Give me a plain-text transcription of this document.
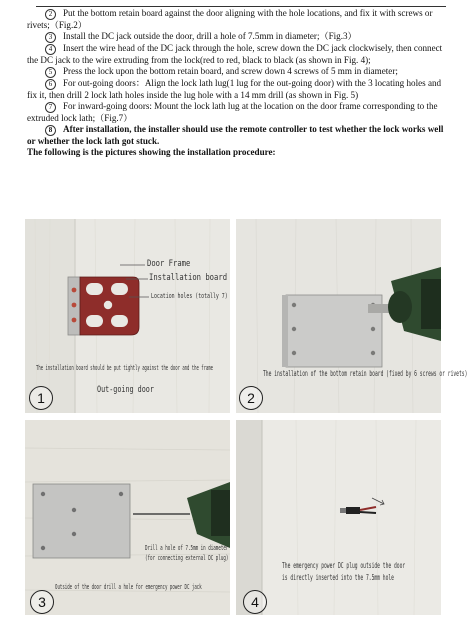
2 Put the bottom retain board against the door aligning with the hole locations, and fix it with screws or rivets;（Fig.2）

3 Install the DC jack outside the door, drill a hole of 7.5mm in diameter;（Fig.3）

4 Insert the wire head of the DC jack through the hole, screw down the DC jack clockwisely, then connect the DC jack to the wire extruding from the lock(red to red, black to black (as shown in Fig. 4);

5 Press the lock upon the bottom retain board, and screw down 4 screws of 5 mm in diameter;

6 For out-going doors：Align the lock lath lug(1 lug for the out-going door) with the 3 locating holes and fix it, then drill 2 lock lath holes inside the lug hole with a 14 mm drill (as shown in Fig. 5)

7 For inward-going doors: Mount the lock lath lug at the location on the door frame corresponding to the extruded lock lath;（Fig.7）

8 After installation, the installer should use the remote controller to test whether the lock works well or whether the lock lath got stuck.

The following is the pictures showing the installation procedure:

Door Frame
Installation board
Location holes (totally 7)
The installation board should be put tightly against the door and the frame
Out-going door
1
The installation of the bottom retain board (fixed by 6 screws or rivets)
2
Drill a hole of 7.5mm in diameter
(for connecting external DC plug)
Outside of the door drill a hole for emergency power DC jack
3
The emergency power DC plug outside the door
is directly inserted into the 7.5mm hole
4
